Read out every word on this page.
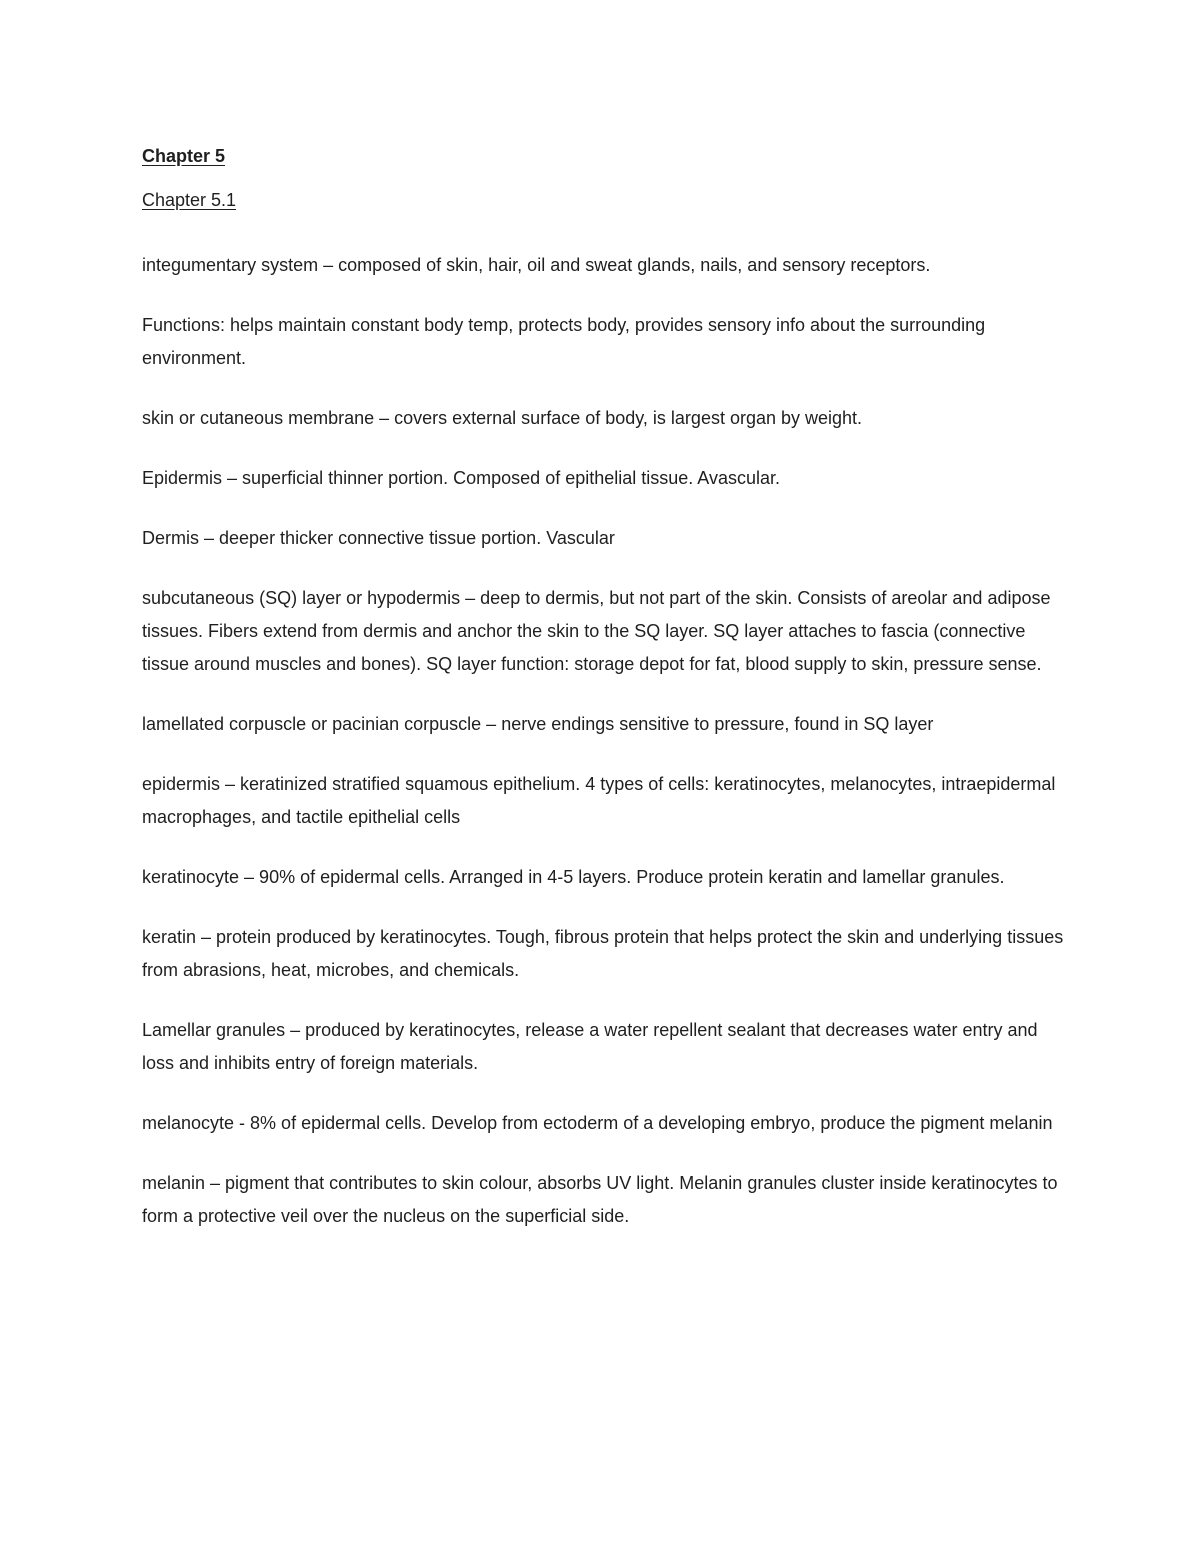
Chapter 5

Chapter 5.1

integumentary system – composed of skin, hair, oil and sweat glands, nails, and sensory receptors.

Functions: helps maintain constant body temp, protects body, provides sensory info about the surrounding environment.

skin or cutaneous membrane – covers external surface of body, is largest organ by weight.

Epidermis – superficial thinner portion. Composed of epithelial tissue. Avascular.

Dermis – deeper thicker connective tissue portion. Vascular

subcutaneous (SQ) layer or hypodermis – deep to dermis, but not part of the skin. Consists of areolar and adipose tissues. Fibers extend from dermis and anchor the skin to the SQ layer. SQ layer attaches to fascia (connective tissue around muscles and bones). SQ layer function: storage depot for fat, blood supply to skin, pressure sense.

lamellated corpuscle or pacinian corpuscle – nerve endings sensitive to pressure, found in SQ layer

epidermis – keratinized stratified squamous epithelium. 4 types of cells: keratinocytes, melanocytes, intraepidermal macrophages, and tactile epithelial cells

keratinocyte – 90% of epidermal cells. Arranged in 4-5 layers. Produce protein keratin and lamellar granules.

keratin – protein produced by keratinocytes. Tough, fibrous protein that helps protect the skin and underlying tissues from abrasions, heat, microbes, and chemicals.

Lamellar granules – produced by keratinocytes, release a water repellent sealant that decreases water entry and loss and inhibits entry of foreign materials.

melanocyte - 8% of epidermal cells. Develop from ectoderm of a developing embryo, produce the pigment melanin

melanin – pigment that contributes to skin colour, absorbs UV light. Melanin granules cluster inside keratinocytes to form a protective veil over the nucleus on the superficial side.
